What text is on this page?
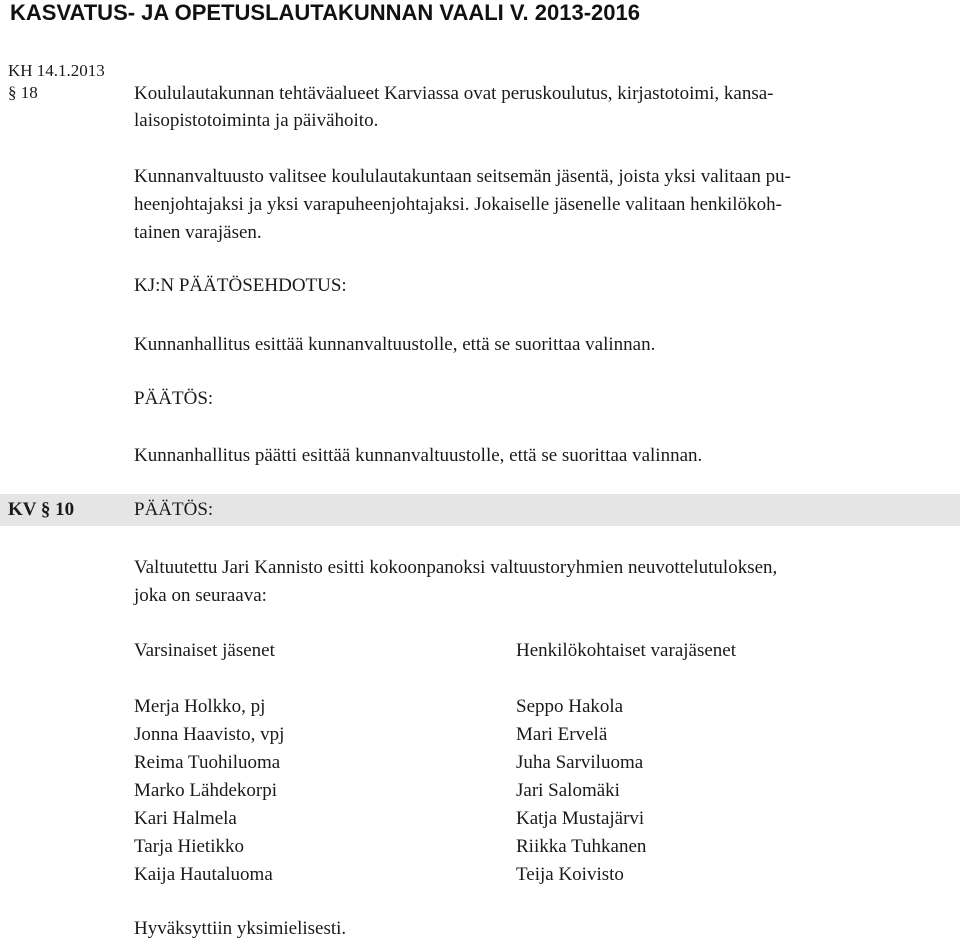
KASVATUS- JA OPETUSLAUTAKUNNAN VAALI V. 2013-2016
KH 14.1.2013
§ 18	Koululautakunnan tehtäväalueet Karviassa ovat peruskoulutus, kirjastotoimi, kansa-
laisopistotoiminta ja päivähoito.
Kunnanvaltuusto valitsee koululautakuntaan seitsemän jäsentä, joista yksi valitaan pu-
heenjohtajaksi ja yksi varapuheenjohtajaksi. Jokaiselle jäsenelle valitaan henkilökoh-
tainen varajäsen.
KJ:N PÄÄTÖSEHDOTUS:
Kunnanhallitus esittää kunnanvaltuustolle, että se suorittaa valinnan.
PÄÄTÖS:
Kunnanhallitus päätti esittää kunnanvaltuustolle, että se suorittaa valinnan.
KV § 10	PÄÄTÖS:
Valtuutettu Jari Kannisto esitti kokoonpanoksi valtuustoryhmien neuvottelutuloksen,
joka on seuraava:
Varsinaiset jäsenet	Henkilökohtaiset varajäsenet
Merja Holkko, pj	Seppo Hakola
Jonna Haavisto, vpj	Mari Ervelä
Reima Tuohiluoma	Juha Sarviluoma
Marko Lähdekorpi	Jari Salomäki
Kari Halmela	Katja Mustajärvi
Tarja Hietikko	Riikka Tuhkanen
Kaija Hautaluoma	Teija Koivisto
Hyväksyttiin yksimielisesti.
